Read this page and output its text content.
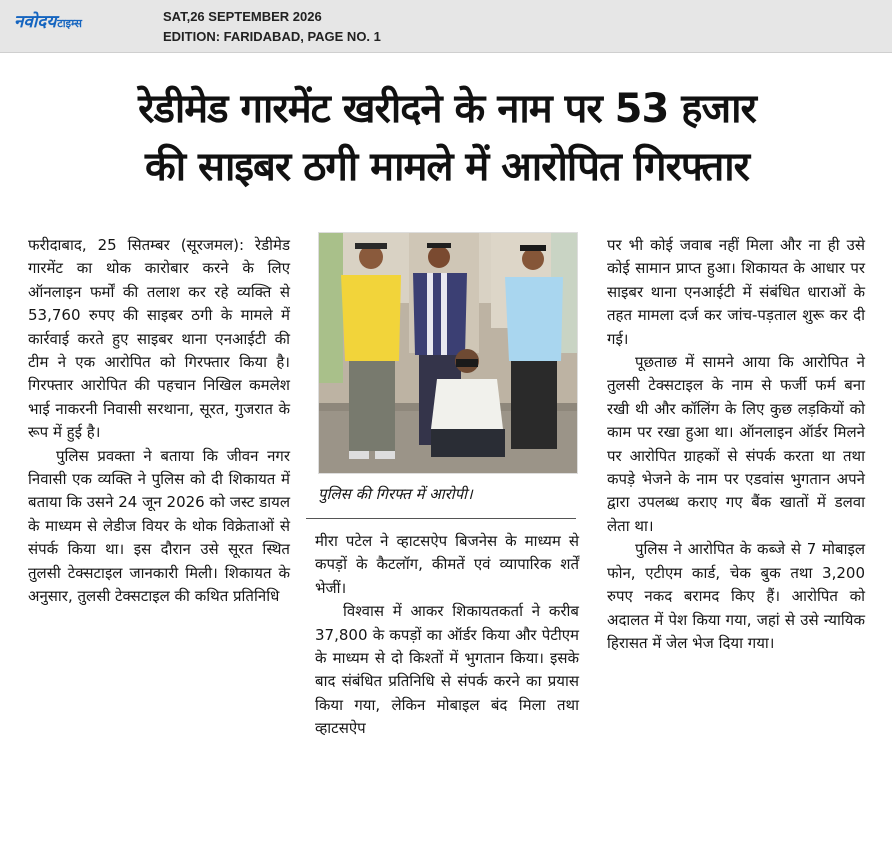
नवोदयटाइम्स	SAT,26 SEPTEMBER 2026
EDITION: FARIDABAD, PAGE NO. 1
रेडीमेड गारमेंट खरीदने के नाम पर 53 हजार
की साइबर ठगी मामले में आरोपित गिरफ्तार

फरीदाबाद, 25 सितम्बर (सूरजमल): रेडीमेड गारमेंट का थोक कारोबार करने के लिए ऑनलाइन फर्मों की तलाश कर रहे व्यक्ति से 53,760 रुपए की साइबर ठगी के मामले में कार्रवाई करते हुए साइबर थाना एनआईटी की टीम ने एक आरोपित को गिरफ्तार किया है। गिरफ्तार आरोपित की पहचान निखिल कमलेश भाई नाकरनी निवासी सरथाना, सूरत, गुजरात के रूप में हुई है।

पुलिस प्रवक्ता ने बताया कि जीवन नगर निवासी एक व्यक्ति ने पुलिस को दी शिकायत में बताया कि उसने 24 जून 2026 को जस्ट डायल के माध्यम से लेडीज वियर के थोक विक्रेताओं से संपर्क किया था। इस दौरान उसे सूरत स्थित तुलसी टेक्सटाइल जानकारी मिली। शिकायत के अनुसार, तुलसी टेक्सटाइल की कथित प्रतिनिधि

पुलिस की गिरफ्त में आरोपी।

मीरा पटेल ने व्हाटसऐप बिजनेस के माध्यम से कपड़ों के कैटलॉग, कीमतें एवं व्यापारिक शर्तें भेजीं।

विश्वास में आकर शिकायतकर्ता ने करीब 37,800 के कपड़ों का ऑर्डर किया और पेटीएम के माध्यम से दो किश्तों में भुगतान किया। इसके बाद संबंधित प्रतिनिधि से संपर्क करने का प्रयास किया गया, लेकिन मोबाइल बंद मिला तथा व्हाटसऐप

पर भी कोई जवाब नहीं मिला और ना ही उसे कोई सामान प्राप्त हुआ। शिकायत के आधार पर साइबर थाना एनआईटी में संबंधित धाराओं के तहत मामला दर्ज कर जांच-पड़ताल शुरू कर दी गई।

पूछताछ में सामने आया कि आरोपित ने तुलसी टेक्सटाइल के नाम से फर्जी फर्म बना रखी थी और कॉलिंग के लिए कुछ लड़कियों को काम पर रखा हुआ था। ऑनलाइन ऑर्डर मिलने पर आरोपित ग्राहकों से संपर्क करता था तथा कपड़े भेजने के नाम पर एडवांस भुगतान अपने द्वारा उपलब्ध कराए गए बैंक खातों में डलवा लेता था।

पुलिस ने आरोपित के कब्जे से 7 मोबाइल फोन, एटीएम कार्ड, चेक बुक तथा 3,200 रुपए नकद बरामद किए हैं। आरोपित को अदालत में पेश किया गया, जहां से उसे न्यायिक हिरासत में जेल भेज दिया गया।
